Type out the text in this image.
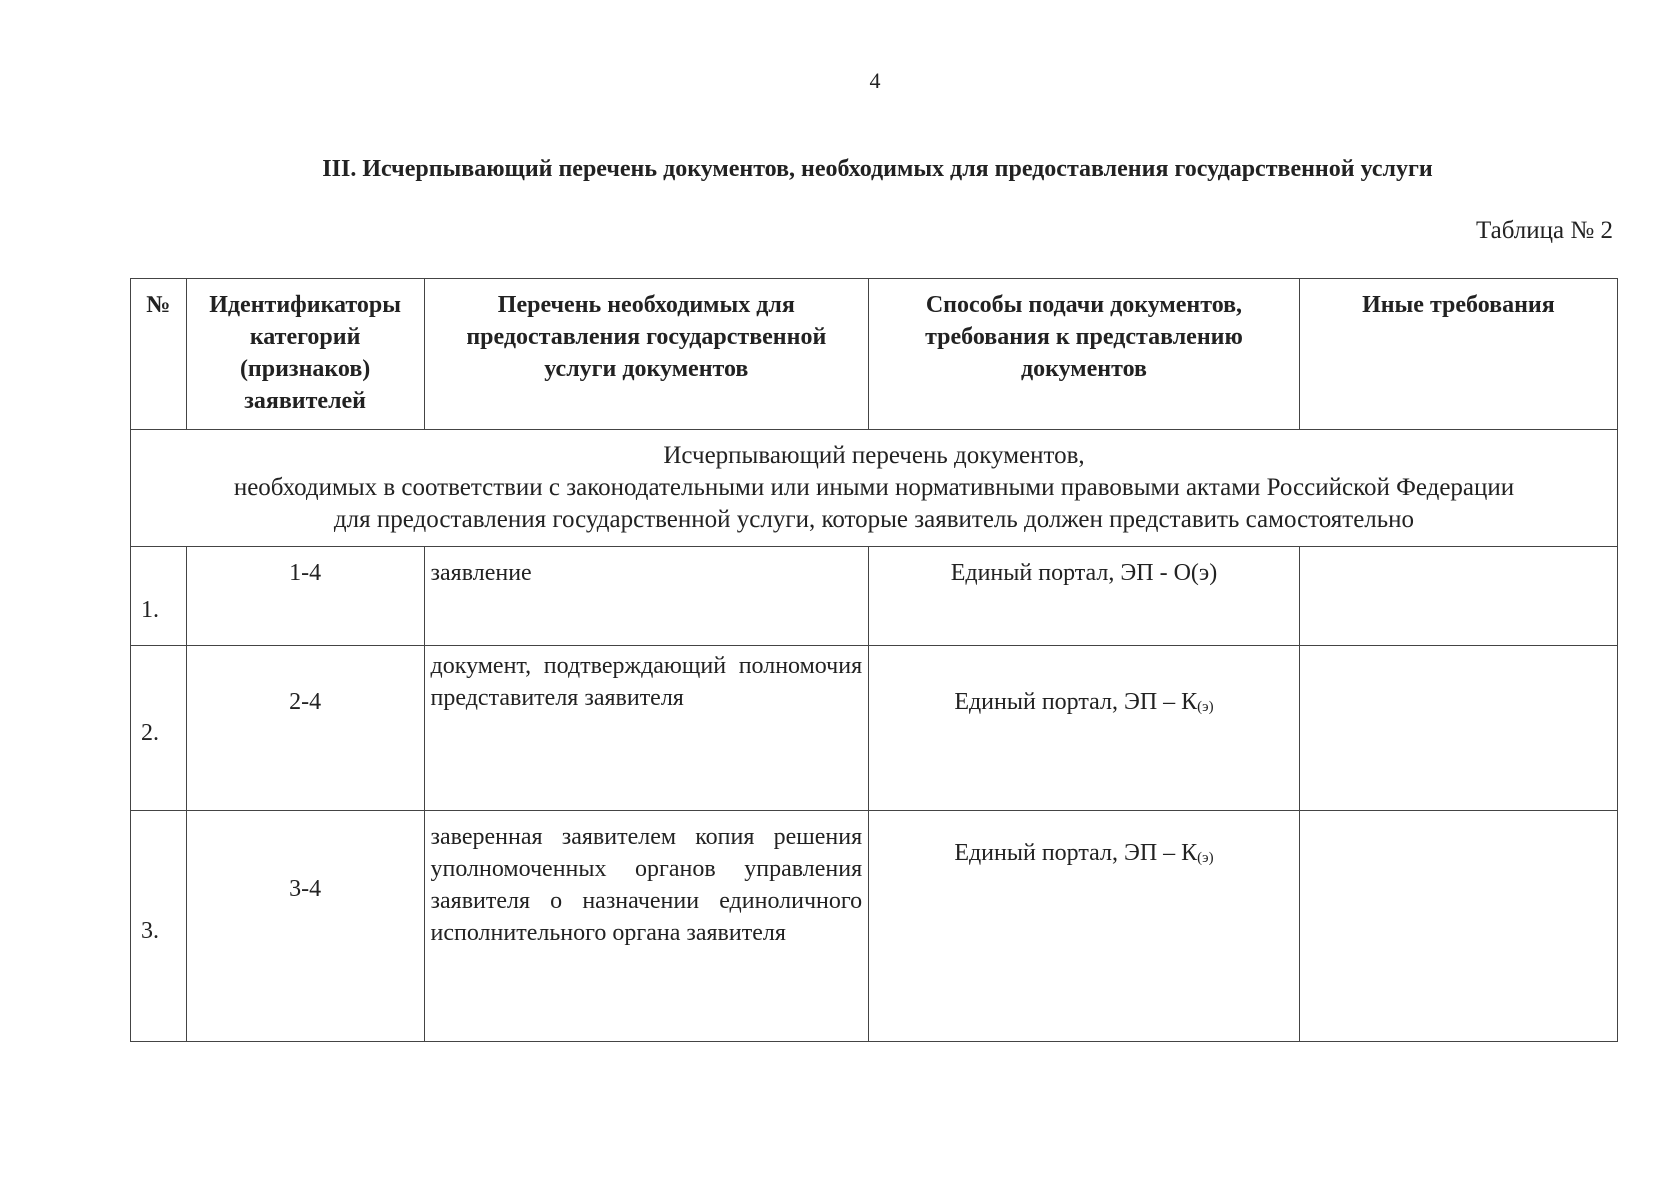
4
III. Исчерпывающий перечень документов, необходимых для предоставления государственной услуги
Таблица № 2
№	Идентификаторы категорий (признаков) заявителей	Перечень необходимых для предоставления государственной услуги документов	Способы подачи документов, требования к представлению документов	Иные требования

Исчерпывающий перечень документов,
необходимых в соответствии с законодательными или иными нормативными правовыми актами Российской Федерации
для предоставления государственной услуги, которые заявитель должен представить самостоятельно				

1.	1-4	заявление	Единый портал, ЭП - О(э)	
2.	2-4	документ, подтверждающий полномочия представителя заявителя	Единый портал, ЭП – $К_{(э)}$	
3.	3-4	заверенная заявителем копия решения уполномоченных органов управления заявителя о назначении единоличного исполнительного органа заявителя	Единый портал, ЭП – $К_{(э)}$	
